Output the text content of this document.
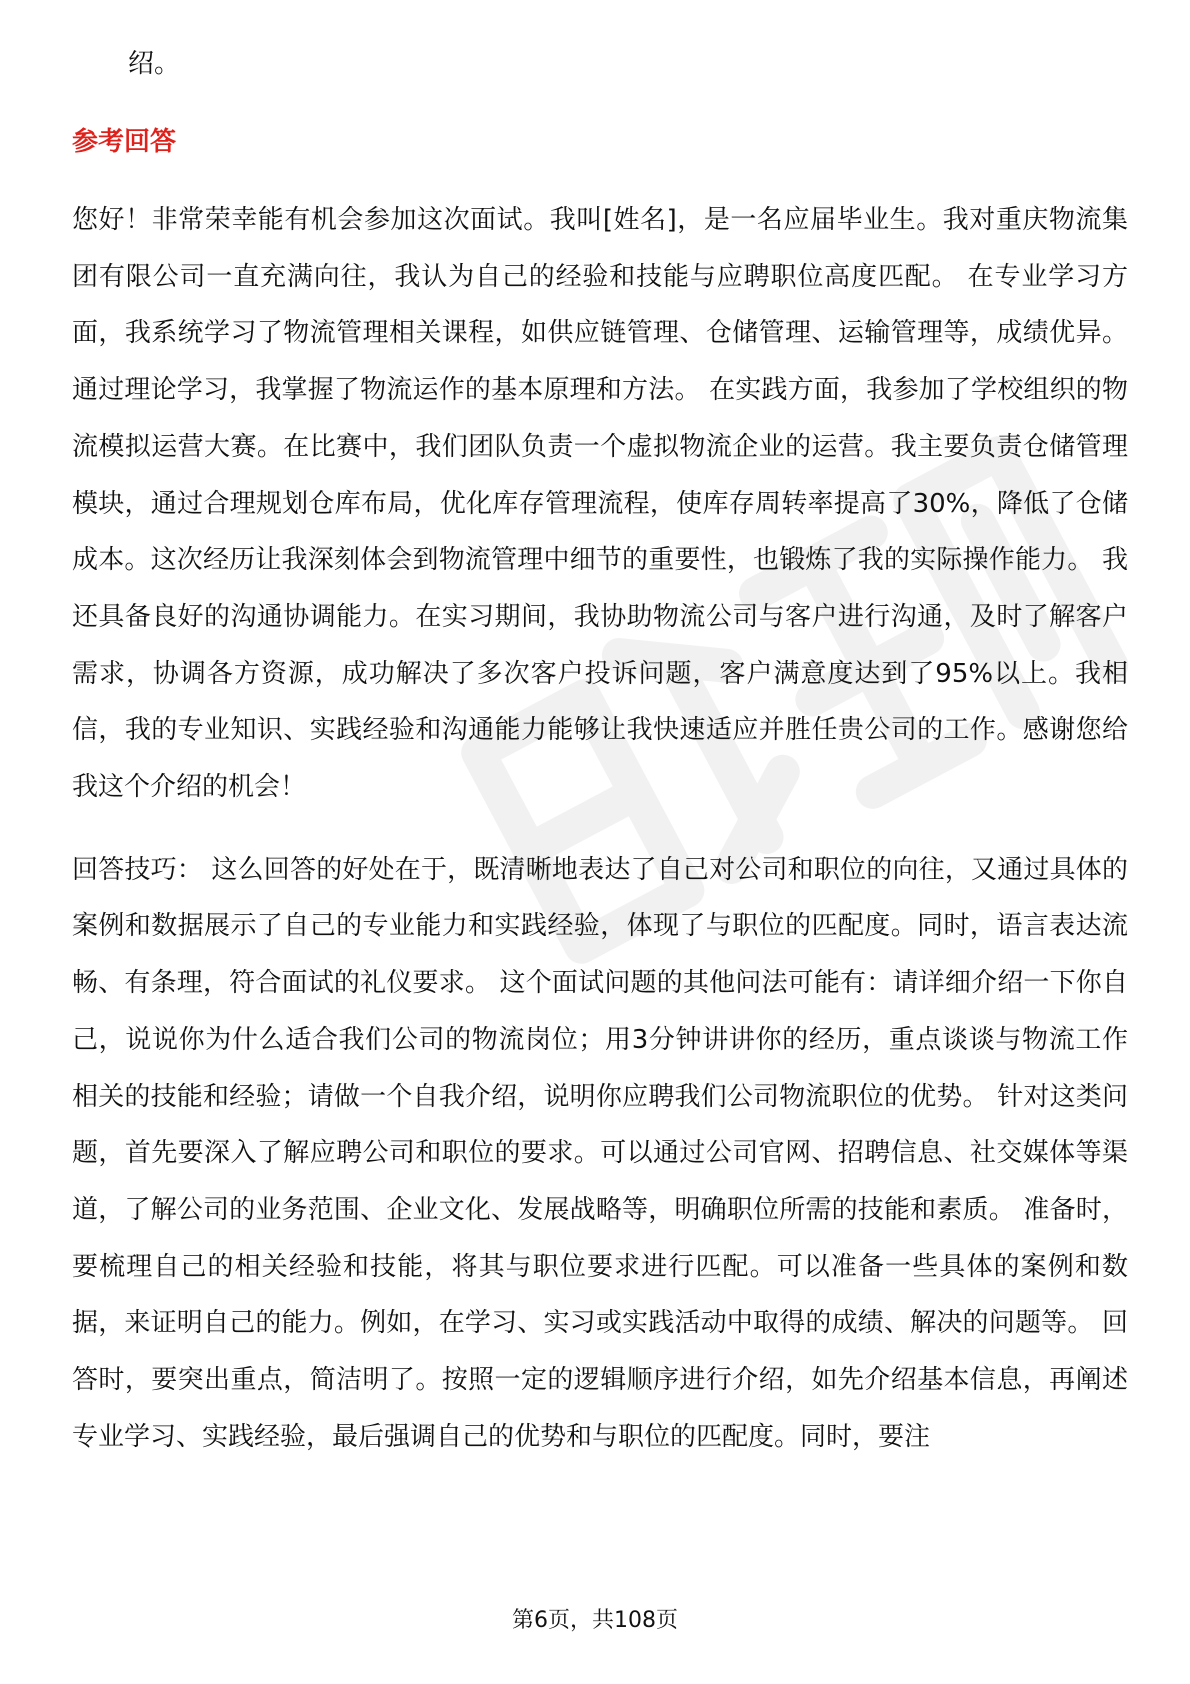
绍。

参考回答

您好！非常荣幸能有机会参加这次面试。我叫[姓名]，是一名应届毕业生。我对重庆物流集团有限公司一直充满向往，我认为自己的经验和技能与应聘职位高度匹配。 在专业学习方面，我系统学习了物流管理相关课程，如供应链管理、仓储管理、运输管理等，成绩优异。通过理论学习，我掌握了物流运作的基本原理和方法。 在实践方面，我参加了学校组织的物流模拟运营大赛。在比赛中，我们团队负责一个虚拟物流企业的运营。我主要负责仓储管理模块，通过合理规划仓库布局，优化库存管理流程，使库存周转率提高了30%，降低了仓储成本。这次经历让我深刻体会到物流管理中细节的重要性，也锻炼了我的实际操作能力。 我还具备良好的沟通协调能力。在实习期间，我协助物流公司与客户进行沟通，及时了解客户需求，协调各方资源，成功解决了多次客户投诉问题，客户满意度达到了95%以上。我相信，我的专业知识、实践经验和沟通能力能够让我快速适应并胜任贵公司的工作。感谢您给我这个介绍的机会！

回答技巧： 这么回答的好处在于，既清晰地表达了自己对公司和职位的向往，又通过具体的案例和数据展示了自己的专业能力和实践经验，体现了与职位的匹配度。同时，语言表达流畅、有条理，符合面试的礼仪要求。 这个面试问题的其他问法可能有：请详细介绍一下你自己，说说你为什么适合我们公司的物流岗位；用3分钟讲讲你的经历，重点谈谈与物流工作相关的技能和经验；请做一个自我介绍，说明你应聘我们公司物流职位的优势。 针对这类问题，首先要深入了解应聘公司和职位的要求。可以通过公司官网、招聘信息、社交媒体等渠道，了解公司的业务范围、企业文化、发展战略等，明确职位所需的技能和素质。 准备时，要梳理自己的相关经验和技能，将其与职位要求进行匹配。可以准备一些具体的案例和数据，来证明自己的能力。例如，在学习、实习或实践活动中取得的成绩、解决的问题等。 回答时，要突出重点，简洁明了。按照一定的逻辑顺序进行介绍，如先介绍基本信息，再阐述专业学习、实践经验，最后强调自己的优势和与职位的匹配度。同时，要注

第6页，共108页
